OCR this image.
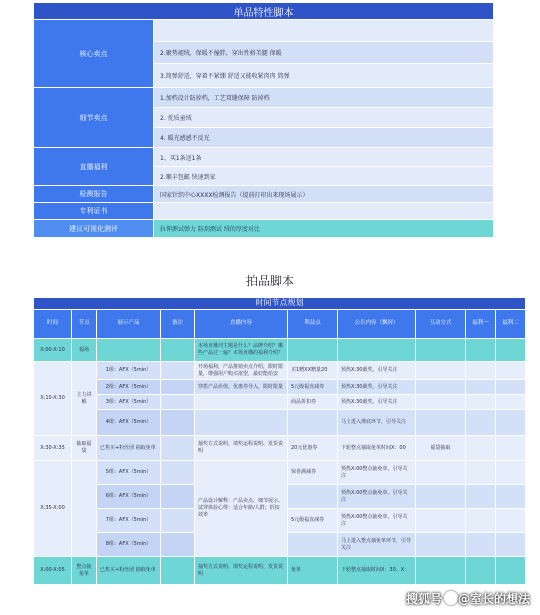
单品特性脚本	
核心卖点	
	2.聚势褪绒，保暖不撞胖，穿出性格美腿 保暖
	3.简弹舒适，穿着不紧绷 舒适又能收紧肉肉 简弹
细节卖点	1.加档设计防掉档，工艺双缝保障 防掉档
	2. 优质童绒
	4. 暖光感感不反光
直播福利	1、买1条送1条
	2.顺丰包邮 快速到家
检测报告	国家针织中心XXXX检测报告（提前打印出来现场展示）
专利证书	
建议可视化测评	拉伸测试弹力 防刮测试 绒的厚度对比
拍品脚本
时间节点规划									
时间	节点	展示产品	备注	直播内容	利益点	公告内容（飘屏）	互动方式	福利一	福利二
X:00-X:10	福场			本场直播刊主题是什么？品牌介绍？哪些产品过一遍？本场直播的福利介绍？					
X:10-X:30	主力讲解	1组：AFX（5min）		开场福利，产品推销卖点介绍，限时限量，增强用户购买欲望，最好能给安	买1赠XX赠量20	预热X:30截奖，引导关注			
		2组：AFX（5min）		穿搭产品价值，优惠券导入，限时限量	5元级福直减券	预热X:30截奖，引导关注			
		3组：AFX（5min）			商品折扣券	预热X:30截奖，引导关注			
		4组：AFX（5min）				马上进入捶底环节，引导关注			
X:30-X:35	抽取福袋	已售买+粉丝团 抽取免单		抽奖方式说明、填奖运程说明、发货说明	20元优惠券	下轮整点抽取免单时间X：00	福袋抽取		
X:35-X:00		5组：AFX（5min）		产品设计解释：产品卖点、细节展示、试穿体验心得：适合年龄/人群；折扣效率	惊喜满减券	预热X:00整点抽免单，引导关注			
		6组：AFX（5min）				预热X:00整点抽免单，引导关注			
		7组：AFX（5min）			5元级福直减券	预热X:00整点抽免单，引导关注			
		8组：AFX（5min）				马上进入整点抽免单环节，引导关注			
X:00-X:05	整点抽免单	已售买+粉丝团 抽取免单		抽奖方式说明、填奖运程说明、发货说明	免单	下轮整点抽取时间X：30、X：			
搜狐号 @室长的想法
